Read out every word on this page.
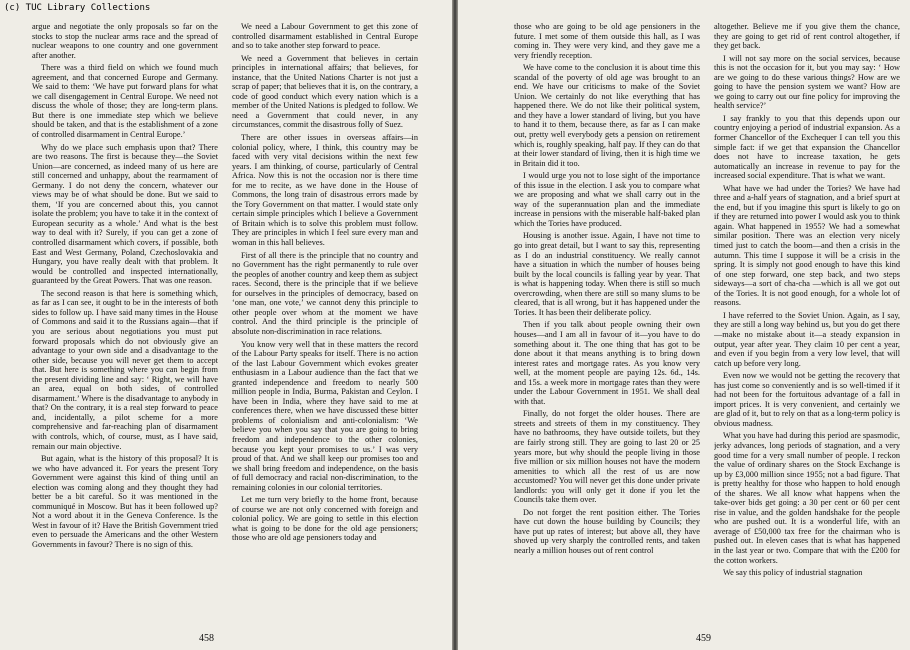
(c) TUC Library Collections

argue and negotiate the only proposals so far on the stocks to stop the nuclear arms race and the spread of nuclear weapons to one country and one government after another.

There was a third field on which we found much agreement, and that concerned Europe and Germany. We said to them: ‘We have put forward plans for what we call disengagement in Central Europe. We need not discuss the whole of those; they are long-term plans. But there is one immediate step which we believe should be taken, and that is the establishment of a zone of controlled disarmament in Central Europe.’

Why do we place such emphasis upon that? There are two reasons. The first is because they—the Soviet Union—are concerned, as indeed many of us here are still concerned and unhappy, about the rearmament of Germany. I do not deny the concern, whatever our views may be of what should be done. But we said to them, ‘If you are concerned about this, you cannot isolate the problem; you have to take it in the context of European security as a whole.’ And what is the best way to deal with it? Surely, if you can get a zone of controlled disarmament which covers, if possible, both East and West Germany, Poland, Czechoslovakia and Hungary, you have really dealt with that problem. It would be controlled and inspected internationally, guaranteed by the Great Powers. That was one reason.

The second reason is that here is something which, as far as I can see, it ought to be in the interests of both sides to follow up. I have said many times in the House of Commons and said it to the Russians again—that if you are serious about negotiations you must put forward proposals which do not obviously give an advantage to your own side and a disadvantage to the other side, because you will never get them to accept that. But here is something where you can begin from the present dividing line and say: ‘ Right, we will have an area, equal on both sides, of controlled disarmament.’ Where is the disadvantage to anybody in that? On the contrary, it is a real step forward to peace and, incidentally, a pilot scheme for a more comprehensive and far-reaching plan of disarmament with controls, which, of course, must, as I have said, remain our main objective.

But again, what is the history of this proposal? It is we who have advanced it. For years the present Tory Government were against this kind of thing until an election was coming along and they thought they had better be a bit careful. So it was mentioned in the communiqué in Moscow. But has it been followed up? Not a word about it in the Geneva Conference. Is the West in favour of it? Have the British Government tried even to persuade the Americans and the other Western Governments in favour? There is no sign of this.

We need a Labour Government to get this zone of controlled disarmament established in Central Europe and so to take another step forward to peace.

We need a Government that believes in certain principles in international affairs; that believes, for instance, that the United Nations Charter is not just a scrap of paper; that believes that it is, on the contrary, a code of good conduct which every nation which is a member of the United Nations is pledged to follow. We need a Government that could never, in any circumstances, commit the disastrous folly of Suez.

There are other issues in overseas affairs—in colonial policy, where, I think, this country may be faced with very vital decisions within the next few years. I am thinking, of course, particularly of Central Africa. Now this is not the occasion nor is there time for me to recite, as we have done in the House of Commons, the long train of disastrous errors made by the Tory Government on that matter. I would state only certain simple principles which I believe a Government of Britain which is to solve this problem must follow. They are principles in which I feel sure every man and woman in this hall believes.

First of all there is the principle that no country and no Government has the right permanently to rule over the peoples of another country and keep them as subject races. Second, there is the principle that if we believe for ourselves in the principles of democracy, based on ‘one man, one vote,’ we cannot deny this principle to other people over whom at the moment we have control. And the third principle is the principle of absolute non-discrimination in race relations.

You know very well that in these matters the record of the Labour Party speaks for itself. There is no action of the last Labour Government which evokes greater enthusiasm in a Labour audience than the fact that we granted independence and freedom to nearly 500 million people in India, Burma, Pakistan and Ceylon. I have been in India, where they have said to me at conferences there, when we have discussed these bitter problems of colonialism and anti-colonialism: ‘We believe you when you say that you are going to bring freedom and independence to the other colonies, because you kept your promises to us.’ I was very proud of that. And we shall keep our promises too and we shall bring freedom and independence, on the basis of full democracy and racial non-discrimination, to the remaining colonies in our colonial territories.

Let me turn very briefly to the home front, because of course we are not only concerned with foreign and colonial policy. We are going to settle in this election what is going to be done for the old age pensioners; those who are old age pensioners today and

458

those who are going to be old age pensioners in the future. I met some of them outside this hall, as I was coming in. They were very kind, and they gave me a very friendly reception.

We have come to the conclusion it is about time this scandal of the poverty of old age was brought to an end. We have our criticisms to make of the Soviet Union. We certainly do not like everything that has happened there. We do not like their political system, and they have a lower standard of living, but you have to hand it to them, because there, as far as I can make out, pretty well everybody gets a pension on retirement which is, roughly speaking, half pay. If they can do that at their lower standard of living, then it is high time we in Britain did it too.

I would urge you not to lose sight of the importance of this issue in the election. I ask you to compare what we are proposing and what we shall carry out in the way of the superannuation plan and the immediate increase in pensions with the miserable half-baked plan which the Tories have produced.

Housing is another issue. Again, I have not time to go into great detail, but I want to say this, representing as I do an industrial constituency. We really cannot have a situation in which the number of houses being built by the local councils is falling year by year. That is what is happening today. When there is still so much overcrowding, when there are still so many slums to be cleared, that is all wrong, but it has happened under the Tories. It has been their deliberate policy.

Then if you talk about people owning their own houses—and I am all in favour of it—you have to do something about it. The one thing that has got to be done about it that means anything is to bring down interest rates and mortgage rates. As you know very well, at the moment people are paying 12s. 6d., 14s. and 15s. a week more in mortgage rates than they were under the Labour Government in 1951. We shall deal with that.

Finally, do not forget the older houses. There are streets and streets of them in my constituency. They have no bathrooms, they have outside toilets, but they are fairly strong still. They are going to last 20 or 25 years more, but why should the people living in those five million or six million houses not have the modern amenities to which all the rest of us are now accustomed? You will never get this done under private landlords: you will only get it done if you let the Councils take them over.

Do not forget the rent position either. The Tories have cut down the house building by Councils; they have put up rates of interest; but above all, they have shoved up very sharply the controlled rents, and taken nearly a million houses out of rent control

altogether. Believe me if you give them the chance, they are going to get rid of rent control altogether, if they get back.

I will not say more on the social services, because this is not the occasion for it, but you may say: ‘ How are we going to do these various things? How are we going to have the pension system we want? How are we going to carry out our fine policy for improving the health service?’

I say frankly to you that this depends upon our country enjoying a period of industrial expansion. As a former Chancellor of the Exchequer I can tell you this simple fact: if we get that expansion the Chancellor does not have to increase taxation, he gets automatically an increase in revenue to pay for the increased social expenditure. That is what we want.

What have we had under the Tories? We have had three and a-half years of stagnation, and a brief spurt at the end, but if you imagine this spurt is likely to go on if they are returned into power I would ask you to think again. What happened in 1955? We had a somewhat similar position. There was an election very nicely timed just to catch the boom—and then a crisis in the autumn. This time I suppose it will be a crisis in the spring. It is simply not good enough to have this kind of one step forward, one step back, and two steps sideways—a sort of cha-cha —which is all we got out of the Tories. It is not good enough, for a whole lot of reasons.

I have referred to the Soviet Union. Again, as I say, they are still a long way behind us, but you do get there—make no mistake about it—a steady expansion in output, year after year. They claim 10 per cent a year, and even if you begin from a very low level, that will catch up before very long.

Even now we would not be getting the recovery that has just come so conveniently and is so well-timed if it had not been for the fortuitous advantage of a fall in import prices. It is very convenient, and certainly we are glad of it, but to rely on that as a long-term policy is obvious madness.

What you have had during this period are spasmodic, jerky advances, long periods of stagnation, and a very good time for a very small number of people. I reckon the value of ordinary shares on the Stock Exchange is up by £3,000 million since 1955; not a bad figure. That is pretty healthy for those who happen to hold enough of the shares. We all know what happens when the take-over bids get going: a 30 per cent or 60 per cent rise in value, and the golden handshake for the people who are pushed out. It is a wonderful life, with an average of £50,000 tax free for the chairman who is pushed out. In eleven cases that is what has happened in the last year or two. Compare that with the £200 for the cotton workers.

We say this policy of industrial stagnation

459
